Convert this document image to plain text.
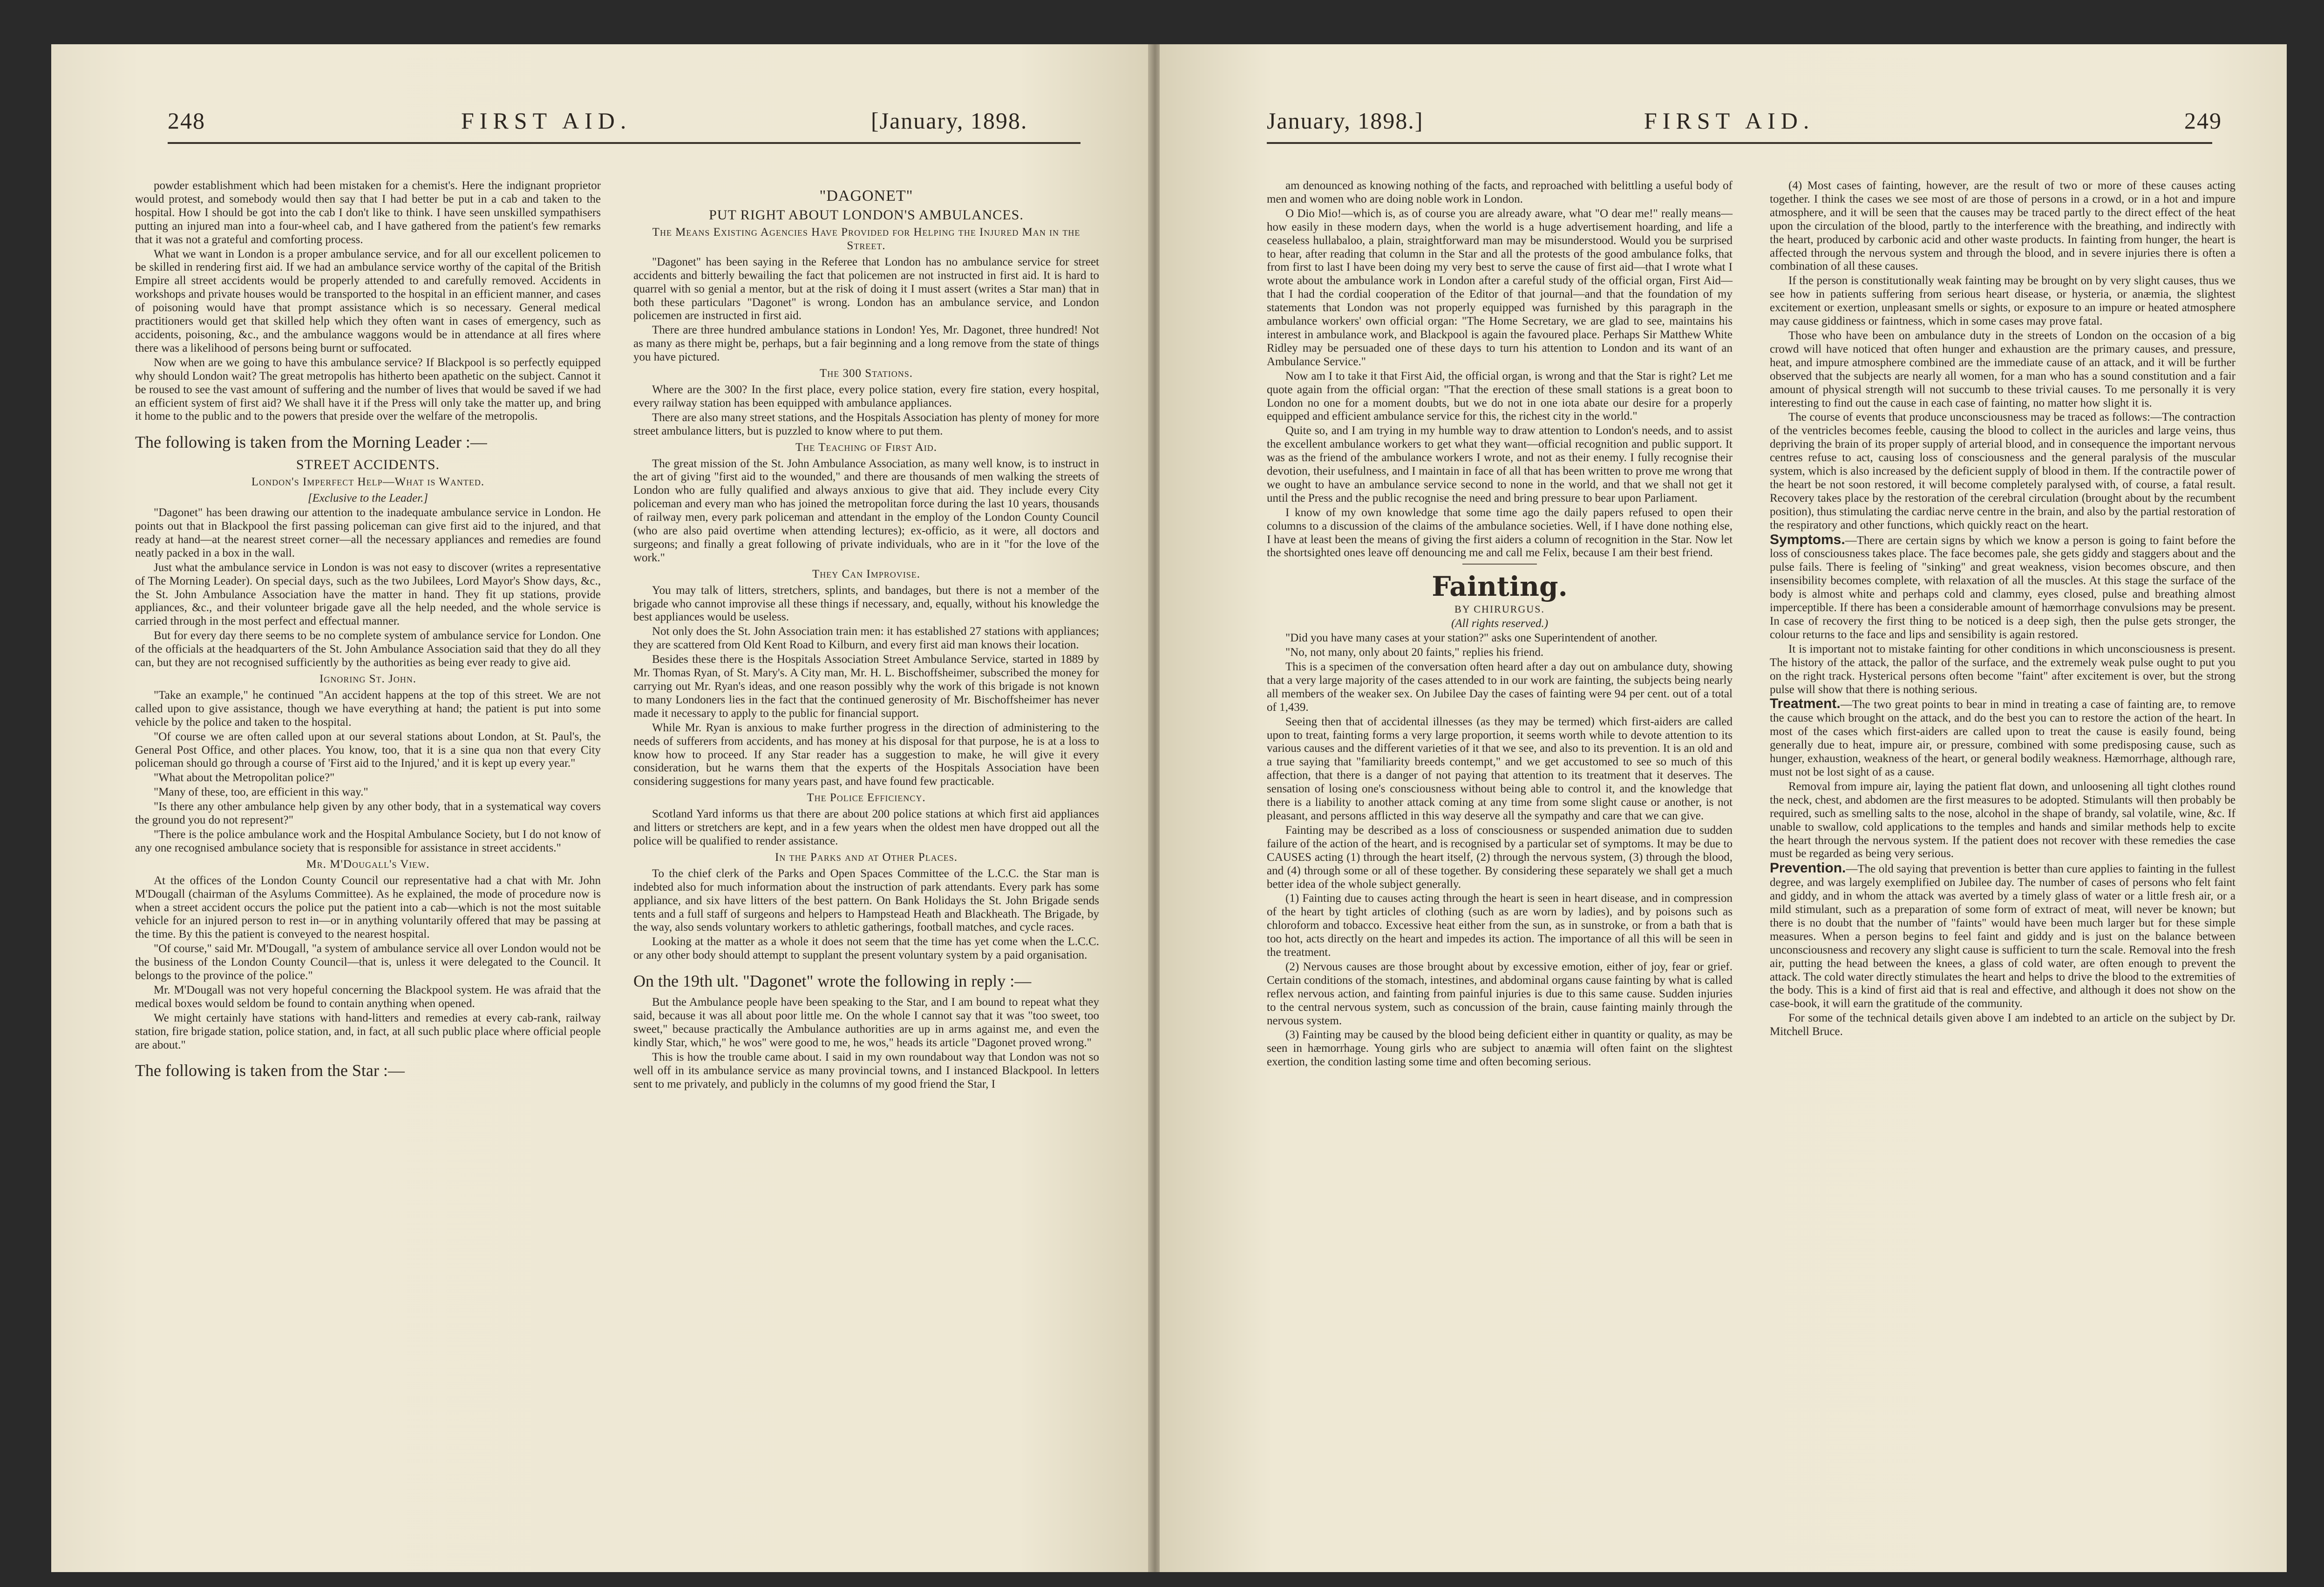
248	FIRST AID.	[January, 1898.

powder establishment which had been mistaken for a chemist's. Here the indignant proprietor would protest, and somebody would then say that I had better be put in a cab and taken to the hospital. How I should be got into the cab I don't like to think. I have seen unskilled sympathisers putting an injured man into a four-wheel cab, and I have gathered from the patient's few remarks that it was not a grateful and comforting process.

What we want in London is a proper ambulance service, and for all our excellent policemen to be skilled in rendering first aid. If we had an ambulance service worthy of the capital of the British Empire all street accidents would be properly attended to and carefully removed. Accidents in workshops and private houses would be transported to the hospital in an efficient manner, and cases of poisoning would have that prompt assistance which is so necessary. General medical practitioners would get that skilled help which they often want in cases of emergency, such as accidents, poisoning, &c., and the ambulance waggons would be in attendance at all fires where there was a likelihood of persons being burnt or suffocated.

Now when are we going to have this ambulance service? If Blackpool is so perfectly equipped why should London wait? The great metropolis has hitherto been apathetic on the subject. Cannot it be roused to see the vast amount of suffering and the number of lives that would be saved if we had an efficient system of first aid? We shall have it if the Press will only take the matter up, and bring it home to the public and to the powers that preside over the welfare of the metropolis.

The following is taken from the Morning Leader :—

STREET ACCIDENTS.

London's Imperfect Help—What is Wanted.

[Exclusive to the Leader.]

"Dagonet" has been drawing our attention to the inadequate ambulance service in London. He points out that in Blackpool the first passing policeman can give first aid to the injured, and that ready at hand—at the nearest street corner—all the necessary appliances and remedies are found neatly packed in a box in the wall.

Just what the ambulance service in London is was not easy to discover (writes a representative of The Morning Leader). On special days, such as the two Jubilees, Lord Mayor's Show days, &c., the St. John Ambulance Association have the matter in hand. They fit up stations, provide appliances, &c., and their volunteer brigade gave all the help needed, and the whole service is carried through in the most perfect and effectual manner.

But for every day there seems to be no complete system of ambulance service for London. One of the officials at the headquarters of the St. John Ambulance Association said that they do all they can, but they are not recognised sufficiently by the authorities as being ever ready to give aid.

Ignoring St. John.

"Take an example," he continued "An accident happens at the top of this street. We are not called upon to give assistance, though we have everything at hand; the patient is put into some vehicle by the police and taken to the hospital.

"Of course we are often called upon at our several stations about London, at St. Paul's, the General Post Office, and other places. You know, too, that it is a sine qua non that every City policeman should go through a course of 'First aid to the Injured,' and it is kept up every year."

"What about the Metropolitan police?"

"Many of these, too, are efficient in this way."

"Is there any other ambulance help given by any other body, that in a systematical way covers the ground you do not represent?"

"There is the police ambulance work and the Hospital Ambulance Society, but I do not know of any one recognised ambulance society that is responsible for assistance in street accidents."

Mr. M'Dougall's View.

At the offices of the London County Council our representative had a chat with Mr. John M'Dougall (chairman of the Asylums Committee). As he explained, the mode of procedure now is when a street accident occurs the police put the patient into a cab—which is not the most suitable vehicle for an injured person to rest in—or in anything voluntarily offered that may be passing at the time. By this the patient is conveyed to the nearest hospital.

"Of course," said Mr. M'Dougall, "a system of ambulance service all over London would not be the business of the London County Council—that is, unless it were delegated to the Council. It belongs to the province of the police."

Mr. M'Dougall was not very hopeful concerning the Blackpool system. He was afraid that the medical boxes would seldom be found to contain anything when opened.

We might certainly have stations with hand-litters and remedies at every cab-rank, railway station, fire brigade station, police station, and, in fact, at all such public place where official people are about."

The following is taken from the Star :—

"DAGONET"

PUT RIGHT ABOUT LONDON'S AMBULANCES.

The Means Existing Agencies Have Provided for Helping the Injured Man in the Street.

"Dagonet" has been saying in the Referee that London has no ambulance service for street accidents and bitterly bewailing the fact that policemen are not instructed in first aid. It is hard to quarrel with so genial a mentor, but at the risk of doing it I must assert (writes a Star man) that in both these particulars "Dagonet" is wrong. London has an ambulance service, and London policemen are instructed in first aid.

There are three hundred ambulance stations in London! Yes, Mr. Dagonet, three hundred! Not as many as there might be, perhaps, but a fair beginning and a long remove from the state of things you have pictured.

The 300 Stations.

Where are the 300? In the first place, every police station, every fire station, every hospital, every railway station has been equipped with ambulance appliances.

There are also many street stations, and the Hospitals Association has plenty of money for more street ambulance litters, but is puzzled to know where to put them.

The Teaching of First Aid.

The great mission of the St. John Ambulance Association, as many well know, is to instruct in the art of giving "first aid to the wounded," and there are thousands of men walking the streets of London who are fully qualified and always anxious to give that aid. They include every City policeman and every man who has joined the metropolitan force during the last 10 years, thousands of railway men, every park policeman and attendant in the employ of the London County Council (who are also paid overtime when attending lectures); ex-officio, as it were, all doctors and surgeons; and finally a great following of private individuals, who are in it "for the love of the work."

They Can Improvise.

You may talk of litters, stretchers, splints, and bandages, but there is not a member of the brigade who cannot improvise all these things if necessary, and, equally, without his knowledge the best appliances would be useless.

Not only does the St. John Association train men: it has established 27 stations with appliances; they are scattered from Old Kent Road to Kilburn, and every first aid man knows their location.

Besides these there is the Hospitals Association Street Ambulance Service, started in 1889 by Mr. Thomas Ryan, of St. Mary's. A City man, Mr. H. L. Bischoffsheimer, subscribed the money for carrying out Mr. Ryan's ideas, and one reason possibly why the work of this brigade is not known to many Londoners lies in the fact that the continued generosity of Mr. Bischoffsheimer has never made it necessary to apply to the public for financial support.

While Mr. Ryan is anxious to make further progress in the direction of administering to the needs of sufferers from accidents, and has money at his disposal for that purpose, he is at a loss to know how to proceed. If any Star reader has a suggestion to make, he will give it every consideration, but he warns them that the experts of the Hospitals Association have been considering suggestions for many years past, and have found few practicable.

The Police Efficiency.

Scotland Yard informs us that there are about 200 police stations at which first aid appliances and litters or stretchers are kept, and in a few years when the oldest men have dropped out all the police will be qualified to render assistance.

In the Parks and at Other Places.

To the chief clerk of the Parks and Open Spaces Committee of the L.C.C. the Star man is indebted also for much information about the instruction of park attendants. Every park has some appliance, and six have litters of the best pattern. On Bank Holidays the St. John Brigade sends tents and a full staff of surgeons and helpers to Hampstead Heath and Blackheath. The Brigade, by the way, also sends voluntary workers to athletic gatherings, football matches, and cycle races.

Looking at the matter as a whole it does not seem that the time has yet come when the L.C.C. or any other body should attempt to supplant the present voluntary system by a paid organisation.

On the 19th ult. "Dagonet" wrote the following in reply :—

But the Ambulance people have been speaking to the Star, and I am bound to repeat what they said, because it was all about poor little me. On the whole I cannot say that it was "too sweet, too sweet," because practically the Ambulance authorities are up in arms against me, and even the kindly Star, which," he wos" were good to me, he wos," heads its article "Dagonet proved wrong."

This is how the trouble came about. I said in my own roundabout way that London was not so well off in its ambulance service as many provincial towns, and I instanced Blackpool. In letters sent to me privately, and publicly in the columns of my good friend the Star, I

January, 1898.]	FIRST AID.	249

am denounced as knowing nothing of the facts, and reproached with belittling a useful body of men and women who are doing noble work in London.

O Dio Mio!—which is, as of course you are already aware, what "O dear me!" really means—how easily in these modern days, when the world is a huge advertisement hoarding, and life a ceaseless hullabaloo, a plain, straightforward man may be misunderstood. Would you be surprised to hear, after reading that column in the Star and all the protests of the good ambulance folks, that from first to last I have been doing my very best to serve the cause of first aid—that I wrote what I wrote about the ambulance work in London after a careful study of the official organ, First Aid—that I had the cordial cooperation of the Editor of that journal—and that the foundation of my statements that London was not properly equipped was furnished by this paragraph in the ambulance workers' own official organ: "The Home Secretary, we are glad to see, maintains his interest in ambulance work, and Blackpool is again the favoured place. Perhaps Sir Matthew White Ridley may be persuaded one of these days to turn his attention to London and its want of an Ambulance Service."

Now am I to take it that First Aid, the official organ, is wrong and that the Star is right? Let me quote again from the official organ: "That the erection of these small stations is a great boon to London no one for a moment doubts, but we do not in one iota abate our desire for a properly equipped and efficient ambulance service for this, the richest city in the world."

Quite so, and I am trying in my humble way to draw attention to London's needs, and to assist the excellent ambulance workers to get what they want—official recognition and public support. It was as the friend of the ambulance workers I wrote, and not as their enemy. I fully recognise their devotion, their usefulness, and I maintain in face of all that has been written to prove me wrong that we ought to have an ambulance service second to none in the world, and that we shall not get it until the Press and the public recognise the need and bring pressure to bear upon Parliament.

I know of my own knowledge that some time ago the daily papers refused to open their columns to a discussion of the claims of the ambulance societies. Well, if I have done nothing else, I have at least been the means of giving the first aiders a column of recognition in the Star. Now let the shortsighted ones leave off denouncing me and call me Felix, because I am their best friend.

Fainting.

BY CHIRURGUS.

(All rights reserved.)

"Did you have many cases at your station?" asks one Superintendent of another.

"No, not many, only about 20 faints," replies his friend.

This is a specimen of the conversation often heard after a day out on ambulance duty, showing that a very large majority of the cases attended to in our work are fainting, the subjects being nearly all members of the weaker sex. On Jubilee Day the cases of fainting were 94 per cent. out of a total of 1,439.

Seeing then that of accidental illnesses (as they may be termed) which first-aiders are called upon to treat, fainting forms a very large proportion, it seems worth while to devote attention to its various causes and the different varieties of it that we see, and also to its prevention. It is an old and a true saying that "familiarity breeds contempt," and we get accustomed to see so much of this affection, that there is a danger of not paying that attention to its treatment that it deserves. The sensation of losing one's consciousness without being able to control it, and the knowledge that there is a liability to another attack coming at any time from some slight cause or another, is not pleasant, and persons afflicted in this way deserve all the sympathy and care that we can give.

Fainting may be described as a loss of consciousness or suspended animation due to sudden failure of the action of the heart, and is recognised by a particular set of symptoms. It may be due to CAUSES acting (1) through the heart itself, (2) through the nervous system, (3) through the blood, and (4) through some or all of these together. By considering these separately we shall get a much better idea of the whole subject generally.

(1) Fainting due to causes acting through the heart is seen in heart disease, and in compression of the heart by tight articles of clothing (such as are worn by ladies), and by poisons such as chloroform and tobacco. Excessive heat either from the sun, as in sunstroke, or from a bath that is too hot, acts directly on the heart and impedes its action. The importance of all this will be seen in the treatment.

(2) Nervous causes are those brought about by excessive emotion, either of joy, fear or grief. Certain conditions of the stomach, intestines, and abdominal organs cause fainting by what is called reflex nervous action, and fainting from painful injuries is due to this same cause. Sudden injuries to the central nervous system, such as concussion of the brain, cause fainting mainly through the nervous system.

(3) Fainting may be caused by the blood being deficient either in quantity or quality, as may be seen in hæmorrhage. Young girls who are subject to anæmia will often faint on the slightest exertion, the condition lasting some time and often becoming serious.

(4) Most cases of fainting, however, are the result of two or more of these causes acting together. I think the cases we see most of are those of persons in a crowd, or in a hot and impure atmosphere, and it will be seen that the causes may be traced partly to the direct effect of the heat upon the circulation of the blood, partly to the interference with the breathing, and indirectly with the heart, produced by carbonic acid and other waste products. In fainting from hunger, the heart is affected through the nervous system and through the blood, and in severe injuries there is often a combination of all these causes.

If the person is constitutionally weak fainting may be brought on by very slight causes, thus we see how in patients suffering from serious heart disease, or hysteria, or anæmia, the slightest excitement or exertion, unpleasant smells or sights, or exposure to an impure or heated atmosphere may cause giddiness or faintness, which in some cases may prove fatal.

Those who have been on ambulance duty in the streets of London on the occasion of a big crowd will have noticed that often hunger and exhaustion are the primary causes, and pressure, heat, and impure atmosphere combined are the immediate cause of an attack, and it will be further observed that the subjects are nearly all women, for a man who has a sound constitution and a fair amount of physical strength will not succumb to these trivial causes. To me personally it is very interesting to find out the cause in each case of fainting, no matter how slight it is.

The course of events that produce unconsciousness may be traced as follows:—The contraction of the ventricles becomes feeble, causing the blood to collect in the auricles and large veins, thus depriving the brain of its proper supply of arterial blood, and in consequence the important nervous centres refuse to act, causing loss of consciousness and the general paralysis of the muscular system, which is also increased by the deficient supply of blood in them. If the contractile power of the heart be not soon restored, it will become completely paralysed with, of course, a fatal result. Recovery takes place by the restoration of the cerebral circulation (brought about by the recumbent position), thus stimulating the cardiac nerve centre in the brain, and also by the partial restoration of the respiratory and other functions, which quickly react on the heart.

Symptoms.—There are certain signs by which we know a person is going to faint before the loss of consciousness takes place. The face becomes pale, she gets giddy and staggers about and the pulse fails. There is feeling of "sinking" and great weakness, vision becomes obscure, and then insensibility becomes complete, with relaxation of all the muscles. At this stage the surface of the body is almost white and perhaps cold and clammy, eyes closed, pulse and breathing almost imperceptible. If there has been a considerable amount of hæmorrhage convulsions may be present. In case of recovery the first thing to be noticed is a deep sigh, then the pulse gets stronger, the colour returns to the face and lips and sensibility is again restored.

It is important not to mistake fainting for other conditions in which unconsciousness is present. The history of the attack, the pallor of the surface, and the extremely weak pulse ought to put you on the right track. Hysterical persons often become "faint" after excitement is over, but the strong pulse will show that there is nothing serious.

Treatment.—The two great points to bear in mind in treating a case of fainting are, to remove the cause which brought on the attack, and do the best you can to restore the action of the heart. In most of the cases which first-aiders are called upon to treat the cause is easily found, being generally due to heat, impure air, or pressure, combined with some predisposing cause, such as hunger, exhaustion, weakness of the heart, or general bodily weakness. Hæmorrhage, although rare, must not be lost sight of as a cause.

Removal from impure air, laying the patient flat down, and unloosening all tight clothes round the neck, chest, and abdomen are the first measures to be adopted. Stimulants will then probably be required, such as smelling salts to the nose, alcohol in the shape of brandy, sal volatile, wine, &c. If unable to swallow, cold applications to the temples and hands and similar methods help to excite the heart through the nervous system. If the patient does not recover with these remedies the case must be regarded as being very serious.

Prevention.—The old saying that prevention is better than cure applies to fainting in the fullest degree, and was largely exemplified on Jubilee day. The number of cases of persons who felt faint and giddy, and in whom the attack was averted by a timely glass of water or a little fresh air, or a mild stimulant, such as a preparation of some form of extract of meat, will never be known; but there is no doubt that the number of "faints" would have been much larger but for these simple measures. When a person begins to feel faint and giddy and is just on the balance between unconsciousness and recovery any slight cause is sufficient to turn the scale. Removal into the fresh air, putting the head between the knees, a glass of cold water, are often enough to prevent the attack. The cold water directly stimulates the heart and helps to drive the blood to the extremities of the body. This is a kind of first aid that is real and effective, and although it does not show on the case-book, it will earn the gratitude of the community.

For some of the technical details given above I am indebted to an article on the subject by Dr. Mitchell Bruce.
